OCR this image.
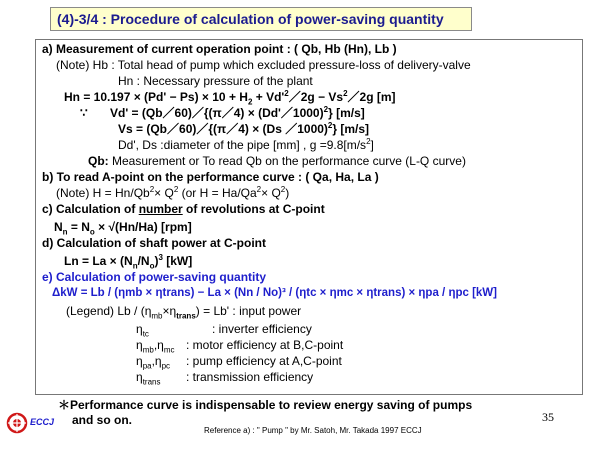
(4)-3/4 : Procedure of calculation of power-saving quantity
a) Measurement of current operation point : ( Qb, Hb (Hn), Lb )
(Note) Hb : Total head of pump which excluded pressure-loss of delivery-valve
Hn : Necessary pressure of the plant
$Hn = 10.197 \times (Pd' - Ps) \times 10 + H_2$ + $Vd'^2/2g$ − $Vs^2/2g$ [m]
∵ Vd' = (Qb／60)／{(π／4) × (Dd'／1000)$^2$} [m/s]
Vs = (Qb／60)／{(π／4) × (Ds ／1000)$^2$} [m/s]
Dd', Ds :diameter of the pipe [mm] , $g =9.8[m/s^2]$
Qb: Measurement or To read Qb on the performance curve (L-Q curve)
b) To read A-point on the performance curve : ( Qa, Ha, La )
(Note) $H = Hn/Qb^2\times Q^2$ (or $H = Ha/Qa^2\times Q^2$)
c) Calculation of number of revolutions at C-point
$N_n = N_o \times √(Hn/Ha)$ [rpm]
d) Calculation of shaft power at C-point
$Ln = La \times (N_n/N_o)^3$ [kW]
e) Calculation of power-saving quantity
ΔkW = Lb / (ηmb × ηtrans) − La × (Nn / No)³ / (ηtc × ηmc × ηtrans) × ηpa / ηpc [kW]
(Legend) $Lb / (\eta_{mb}\times\eta_{trans}) = Lb'$ : input power
$\eta_{tc}$	: inverter efficiency
$\eta_{mb},\eta_{mc}$ : motor efficiency at B,C-point
$\eta_{pa},\eta_{pc}$ : pump efficiency at A,C-point
$\eta_{trans}$ : transmission efficiency
＊Performance curve is indispensable to review energy saving of pumps
and so on.
ECCJ	35
Reference a) : " Pump " by Mr. Satoh, Mr. Takada 1997 ECCJ
